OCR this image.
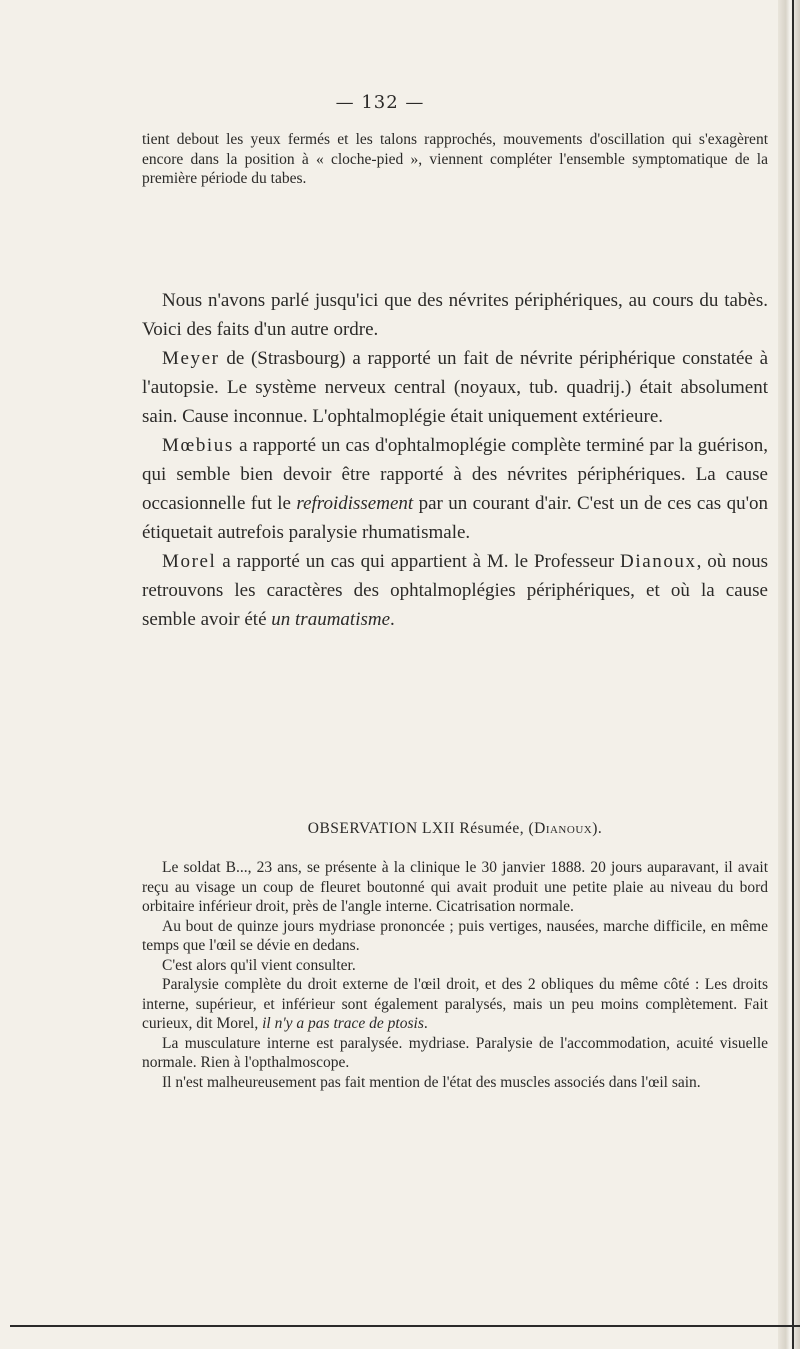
— 132 —

tient debout les yeux fermés et les talons rapprochés, mouvements d'oscillation qui s'exagèrent encore dans la position à « cloche-pied », viennent compléter l'ensemble symptomatique de la première période du tabes.

Nous n'avons parlé jusqu'ici que des névrites périphériques, au cours du tabès. Voici des faits d'un autre ordre.

Meyer de (Strasbourg) a rapporté un fait de névrite périphérique constatée à l'autopsie. Le système nerveux central (noyaux, tub. quadrij.) était absolument sain. Cause inconnue. L'ophtalmoplégie était uniquement extérieure.

Mœbius a rapporté un cas d'ophtalmoplégie complète terminé par la guérison, qui semble bien devoir être rapporté à des névrites périphériques. La cause occasionnelle fut le refroidissement par un courant d'air. C'est un de ces cas qu'on étiquetait autrefois paralysie rhumatismale.

Morel a rapporté un cas qui appartient à M. le Professeur Dianoux, où nous retrouvons les caractères des ophtalmoplégies périphériques, et où la cause semble avoir été un traumatisme.

OBSERVATION LXII Résumée, (Dianoux).

Le soldat B..., 23 ans, se présente à la clinique le 30 janvier 1888. 20 jours auparavant, il avait reçu au visage un coup de fleuret boutonné qui avait produit une petite plaie au niveau du bord orbitaire inférieur droit, près de l'angle interne. Cicatrisation normale.

Au bout de quinze jours mydriase prononcée ; puis vertiges, nausées, marche difficile, en même temps que l'œil se dévie en dedans.

C'est alors qu'il vient consulter.

Paralysie complète du droit externe de l'œil droit, et des 2 obliques du même côté : Les droits interne, supérieur, et inférieur sont également paralysés, mais un peu moins complètement. Fait curieux, dit Morel, il n'y a pas trace de ptosis.

La musculature interne est paralysée. mydriase. Paralysie de l'accommodation, acuité visuelle normale. Rien à l'opthalmoscope.

Il n'est malheureusement pas fait mention de l'état des muscles associés dans l'œil sain.
